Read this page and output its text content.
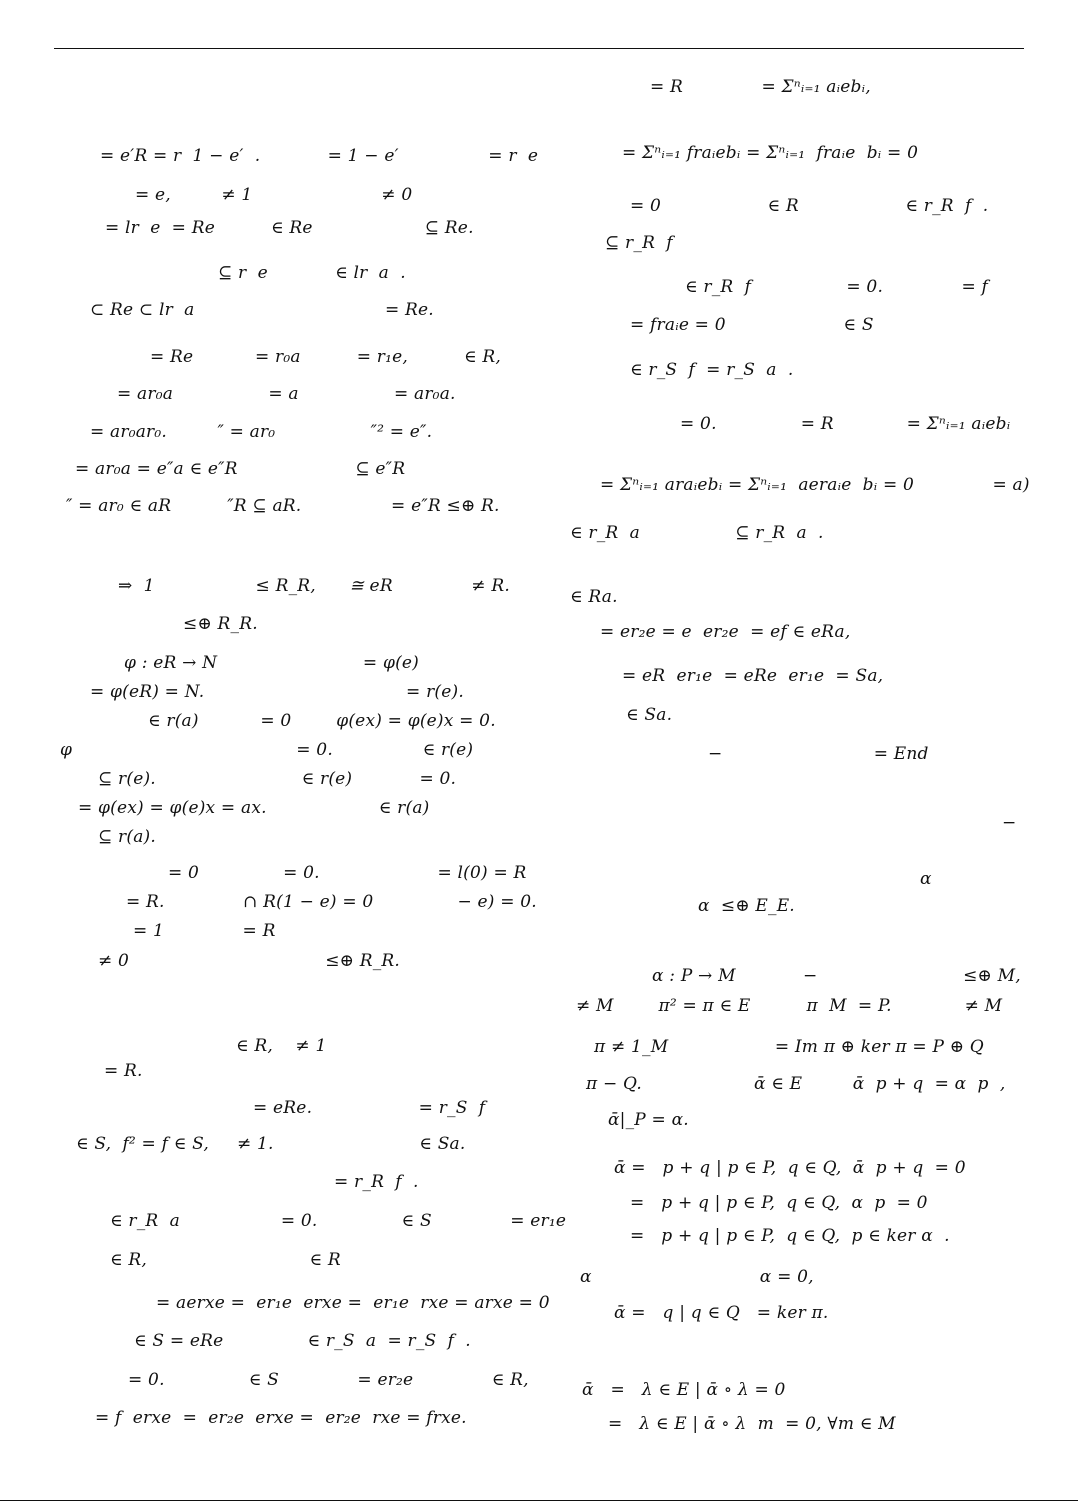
= e′R = r  1 − e′  .            = 1 − e′                = r  e
= e,         ≠ 1                       ≠ 0
= lr  e  = Re          ∈ Re                    ⊆ Re.
⊆ r  e            ∈ lr  a  .
⊂ Re ⊂ lr  a                                  = Re.
= Re           = r₀a          = r₁e,          ∈ R,
= ar₀a                 = a                 = ar₀a.
= ar₀ar₀.         ″ = ar₀                 ″² = e″.
= ar₀a = e″a ∈ e″R                     ⊆ e″R
″ = ar₀ ∈ aR          ″R ⊆ aR.                = e″R ≤⊕ R.
⇒  1                  ≤ R_R,      ≅ eR              ≠ R.
≤⊕ R_R.
φ : eR → N                          = φ(e)
= φ(eR) = N.                                    = r(e).
∈ r(a)           = 0        φ(ex) = φ(e)x = 0.
φ                                        = 0.                ∈ r(e)
⊆ r(e).                          ∈ r(e)            = 0.
= φ(ex) = φ(e)x = ax.                    ∈ r(a)
⊆ r(a).
= 0               = 0.                     = l(0) = R
= R.              ∩ R(1 − e) = 0               − e) = 0.
= 1              = R
≠ 0                                   ≤⊕ R_R.
∈ R,    ≠ 1
= R.
= eRe.                   = r_S  f
∈ S,  f² = f ∈ S,     ≠ 1.                          ∈ Sa.
= r_R  f  .
∈ r_R  a                  = 0.               ∈ S              = er₁e
∈ R,                             ∈ R
= aerxe =  er₁e  erxe =  er₁e  rxe = arxe = 0
∈ S = eRe               ∈ r_S  a  = r_S  f  .
= 0.               ∈ S              = er₂e              ∈ R,
= f  erxe  =  er₂e  erxe =  er₂e  rxe = frxe.
= R              = Σⁿᵢ₌₁ aᵢebᵢ,
= Σⁿᵢ₌₁ fraᵢebᵢ = Σⁿᵢ₌₁  fraᵢe  bᵢ = 0
= 0                   ∈ R                   ∈ r_R  f  .
⊆ r_R  f
∈ r_R  f                 = 0.              = f
= fraᵢe = 0                     ∈ S
∈ r_S  f  = r_S  a  .
= 0.               = R             = Σⁿᵢ₌₁ aᵢebᵢ
= Σⁿᵢ₌₁ araᵢebᵢ = Σⁿᵢ₌₁  aeraᵢe  bᵢ = 0              = a)
∈ r_R  a                 ⊆ r_R  a  .
∈ Ra.
= er₂e = e  er₂e  = ef ∈ eRa,
= eR  er₁e  = eRe  er₁e  = Sa,
∈ Sa.
−                           = End
−
α
α  ≤⊕ E_E.
α : P → M            −                          ≤⊕ M,
≠ M        π² = π ∈ E          π  M  = P.             ≠ M
π ≠ 1_M                   = Im π ⊕ ker π = P ⊕ Q
π − Q.                    ᾱ ∈ E         ᾱ  p + q  = α  p  ,
ᾱ|_P = α.
ᾱ =   p + q | p ∈ P,  q ∈ Q,  ᾱ  p + q  = 0
=   p + q | p ∈ P,  q ∈ Q,  α  p  = 0
=   p + q | p ∈ P,  q ∈ Q,  p ∈ ker α  .
α                              α = 0,
ᾱ =   q | q ∈ Q   = ker π.
ᾱ   =   λ ∈ E | ᾱ ∘ λ = 0
=   λ ∈ E | ᾱ ∘ λ  m  = 0, ∀m ∈ M
